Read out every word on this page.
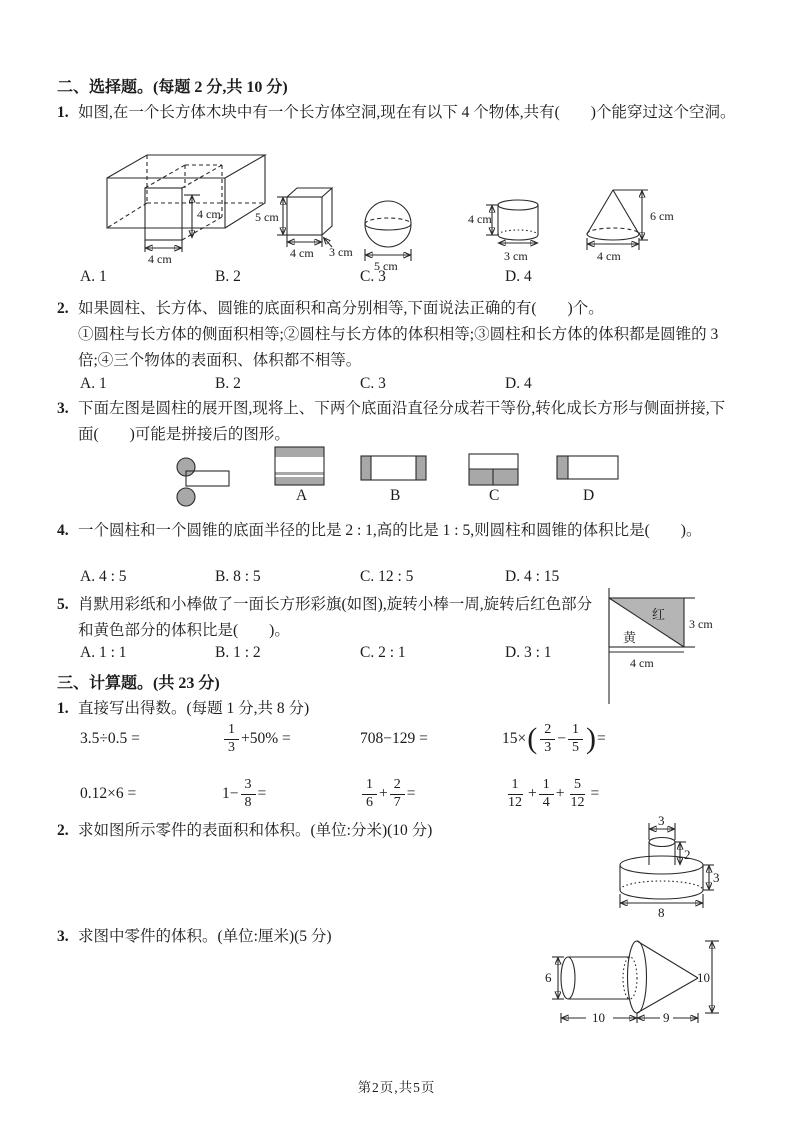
二、选择题。(每题 2 分,共 10 分)
1. 如图,在一个长方体木块中有一个长方体空洞,现在有以下 4 个物体,共有(　　)个能穿过这个空洞。
4 cm
4 cm
5 cm
4 cm 3 cm
5 cm
4 cm
3 cm
6 cm
4 cm
A. 1	B. 2	C. 3	D. 4
2. 如果圆柱、长方体、圆锥的底面积和高分别相等,下面说法正确的有(　　)个。

①圆柱与长方体的侧面积相等;②圆柱与长方体的体积相等;③圆柱和长方体的体积都是圆锥的 3 倍;④三个物体的表面积、体积都不相等。

A. 1	B. 2	C. 3	D. 4
3. 下面左图是圆柱的展开图,现将上、下两个底面沿直径分成若干等份,转化成长方形与侧面拼接,下面(　　)可能是拼接后的图形。
A	B	C	D
4. 一个圆柱和一个圆锥的底面半径的比是 2 : 1,高的比是 1 : 5,则圆柱和圆锥的体积比是(　　)。
A. 4 : 5	B. 8 : 5	C. 12 : 5	D. 4 : 15
5. 肖默用彩纸和小棒做了一面长方形彩旗(如图),旋转小棒一周,旋转后红色部分和黄色部分的体积比是(　　)。
A. 1 : 1	B. 1 : 2	C. 2 : 1	D. 3 : 1
红
黄
3 cm
4 cm
三、计算题。(共 23 分)
1. 直接写出得数。(每题 1 分,共 8 分)
3.5÷0.5 =	$\frac{1}{3} +50\%$ =	708−129 =	15× ( $\frac{2}{3} - \frac{1}{5}$ ) =
0.12×6 =	$1- \frac{3}{8}$ =	$\frac{1}{6} + \frac{2}{7}$ =	$\frac{1}{12} + \frac{1}{4} + \frac{5}{12}$ =
2. 求如图所示零件的表面积和体积。(单位:分米)(10 分)
3
2
3
8
3. 求图中零件的体积。(单位:厘米)(5 分)
6
10	9
10
第2页,共5页
